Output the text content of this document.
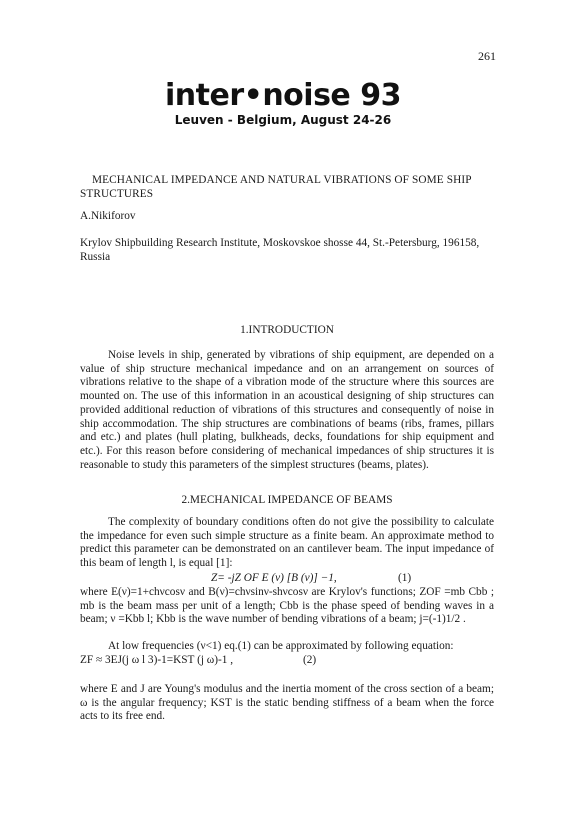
261
inter•noise 93
Leuven - Belgium, August 24-26
MECHANICAL IMPEDANCE AND NATURAL VIBRATIONS OF SOME SHIP STRUCTURES
A.Nikiforov
Krylov Shipbuilding Research Institute, Moskovskoe shosse 44, St.-Petersburg, 196158, Russia
1.INTRODUCTION
Noise levels in ship, generated by vibrations of ship equipment, are depended on a value of ship structure mechanical impedance and on an arrangement on sources of vibrations relative to the shape of a vibration mode of the structure where this sources are mounted on. The use of this information in an acoustical designing of ship structures can provided additional reduction of vibrations of this structures and consequently of noise in ship accommodation. The ship structures are combinations of beams (ribs, frames, pillars and etc.) and plates (hull plating, bulkheads, decks, foundations for ship equipment and etc.). For this reason before considering of mechanical impedances of ship structures it is reasonable to study this parameters of the simplest structures (beams, plates).
2.MECHANICAL IMPEDANCE OF BEAMS
The complexity of boundary conditions often do not give the possibility to calculate the impedance for even such simple structure as a finite beam. An approximate method to predict this parameter can be demonstrated on an cantilever beam. The input impedance of this beam of length l, is equal [1]:
Z= -jZ OF E (ν) [B (ν)] −1,	(1)
where E(ν)=1+chνcosν and B(ν)=chνsinν-shνcosν are Krylov's functions; ZOF =mb Cbb ; mb is the beam mass per unit of a length; Cbb is the phase speed of bending waves in a beam; ν =Kbb l; Kbb is the wave number of bending vibrations of a beam; j=(-1)1/2 .
At low frequencies (ν<1) eq.(1) can be approximated by following equation:
ZF ≈ 3EJ(j ω l 3)-1=KST (j ω)-1 ,	(2)
where E and J are Young's modulus and the inertia moment of the cross section of a beam; ω is the angular frequency; KST is the static bending stiffness of a beam when the force acts to its free end.
